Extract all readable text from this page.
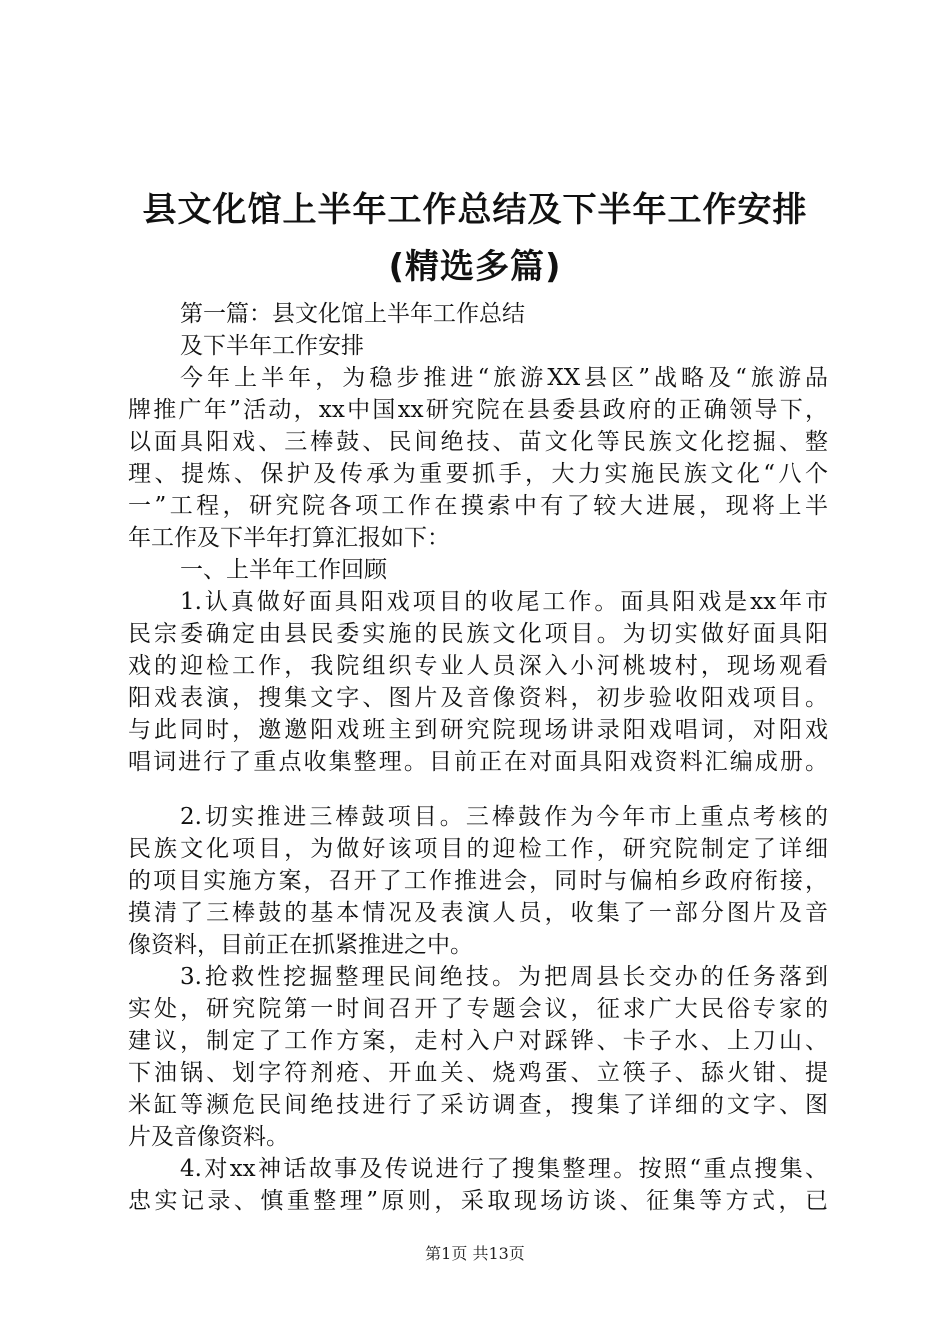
县文化馆上半年工作总结及下半年工作安排
(精选多篇)
第一篇：县文化馆上半年工作总结
及下半年工作安排
今年上半年，为稳步推进“旅游XX县区”战略及“旅游品
牌推广年”活动，xx中国xx研究院在县委县政府的正确领导下，
以面具阳戏、三棒鼓、民间绝技、苗文化等民族文化挖掘、整
理、提炼、保护及传承为重要抓手，大力实施民族文化“八个
一”工程，研究院各项工作在摸索中有了较大进展，现将上半
年工作及下半年打算汇报如下：
一、上半年工作回顾
1.认真做好面具阳戏项目的收尾工作。面具阳戏是xx年市
民宗委确定由县民委实施的民族文化项目。为切实做好面具阳
戏的迎检工作，我院组织专业人员深入小河桃坡村，现场观看
阳戏表演，搜集文字、图片及音像资料，初步验收阳戏项目。
与此同时，邀邀阳戏班主到研究院现场讲录阳戏唱词，对阳戏
唱词进行了重点收集整理。目前正在对面具阳戏资料汇编成册。
2.切实推进三棒鼓项目。三棒鼓作为今年市上重点考核的
民族文化项目，为做好该项目的迎检工作，研究院制定了详细
的项目实施方案，召开了工作推进会，同时与偏柏乡政府衔接，
摸清了三棒鼓的基本情况及表演人员，收集了一部分图片及音
像资料，目前正在抓紧推进之中。
3.抢救性挖掘整理民间绝技。为把周县长交办的任务落到
实处，研究院第一时间召开了专题会议，征求广大民俗专家的
建议，制定了工作方案，走村入户对踩铧、卡子水、上刀山、
下油锅、划字符剂疮、开血关、烧鸡蛋、立筷子、舔火钳、提
米缸等濒危民间绝技进行了采访调查，搜集了详细的文字、图
片及音像资料。
4.对xx神话故事及传说进行了搜集整理。按照“重点搜集、
忠实记录、慎重整理”原则，采取现场访谈、征集等方式，已
第1页 共13页
